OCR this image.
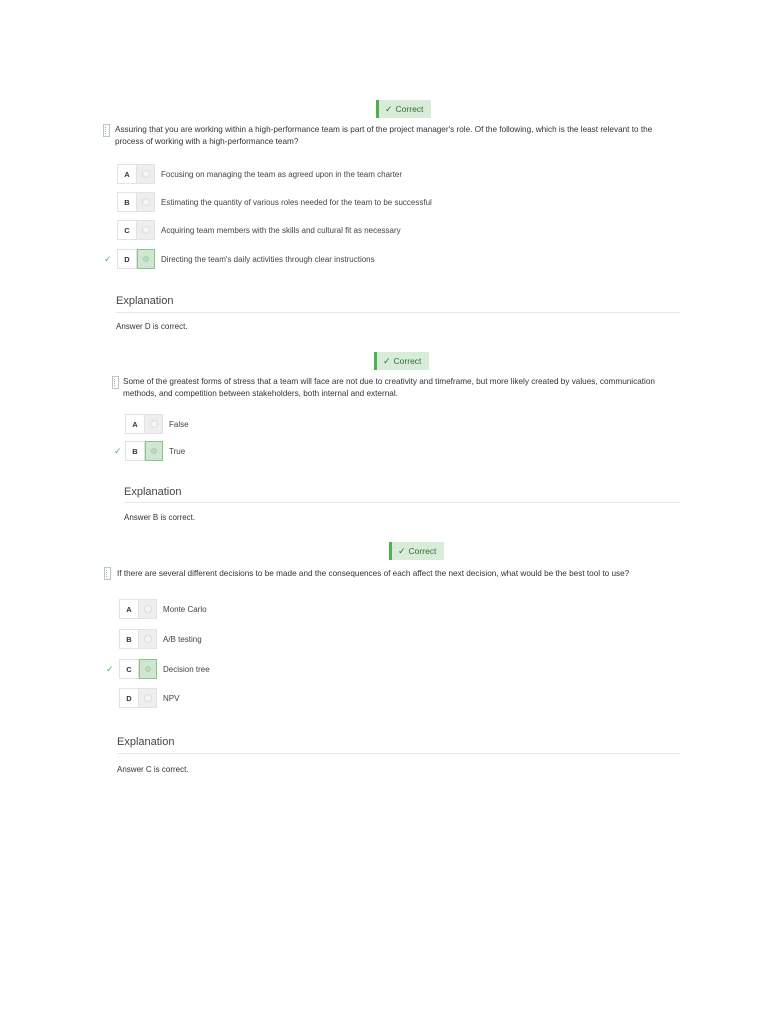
✓ Correct
Assuring that you are working within a high-performance team is part of the project manager's role. Of the following, which is the least relevant to the process of working with a high-performance team?
A	Focusing on managing the team as agreed upon in the team charter
B	Estimating the quantity of various roles needed for the team to be successful
C	Acquiring team members with the skills and cultural fit as necessary
✓	D	Directing the team's daily activities through clear instructions
Explanation
Answer D is correct.
✓ Correct
Some of the greatest forms of stress that a team will face are not due to creativity and timeframe, but more likely created by values, communication methods, and competition between stakeholders, both internal and external.
A	False
✓	B	True
Explanation
Answer B is correct.
✓ Correct
If there are several different decisions to be made and the consequences of each affect the next decision, what would be the best tool to use?
A	Monte Carlo
B	A/B testing
✓	C	Decision tree
D	NPV
Explanation
Answer C is correct.
